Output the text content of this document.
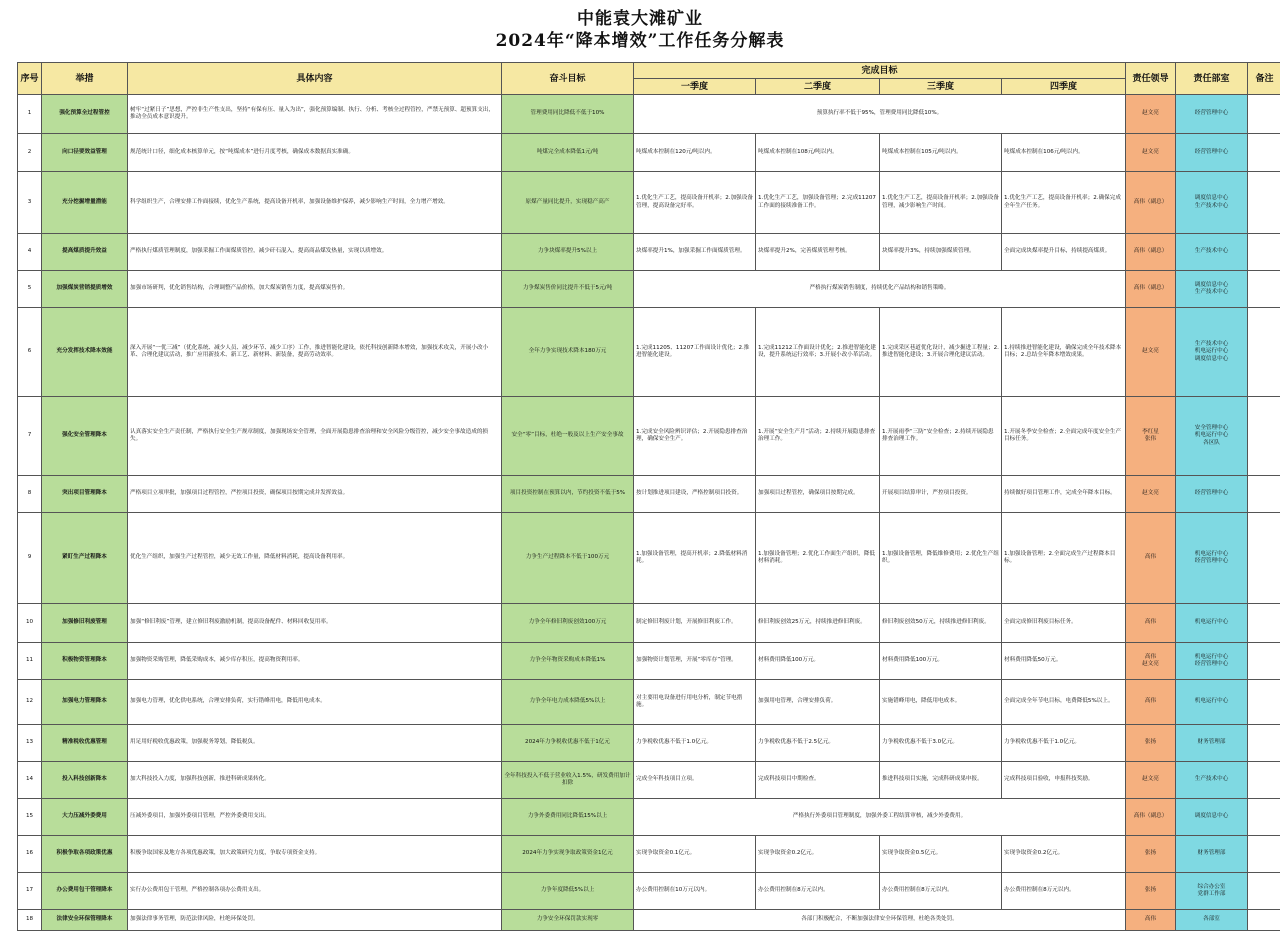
中能袁大滩矿业
2024年“降本增效”工作任务分解表
序号	举措	具体内容	奋斗目标	完成目标				责任领导	责任部室	备注
				一季度	二季度	三季度	四季度			
1	强化预算全过程管控	树牢“过紧日子”思想，严控非生产性支出，坚持“有保有压、量入为出”，强化预算编制、执行、分析、考核全过程管控，严禁无预算、超预算支出，推动全员成本意识提升。	管理费用同比降低不低于10%	预算执行率不低于95%，管理费用同比降低10%。				赵文亮	经营管理中心	
2	向口径要效益管理	规范统计口径，细化成本核算单元，按“吨煤成本”进行月度考核，确保成本数据真实准确。	吨煤完全成本降低1元/吨	吨煤成本控制在120元/吨以内。	吨煤成本控制在108元/吨以内。	吨煤成本控制在105元/吨以内。	吨煤成本控制在106元/吨以内。	赵文亮	经营管理中心	
3	充分挖掘增量潜能	科学组织生产，合理安排工作面接续，优化生产系统，提高设备开机率，加强设备维护保养，减少影响生产时间，全力增产增效。	原煤产量同比提升，实现稳产高产	1.优化生产工艺，提高设备开机率；2.加强设备管理，提高设备完好率。	1.优化生产工艺，加强设备管理；2.完成11207工作面的接续准备工作。	1.优化生产工艺，提高设备开机率；2.加强设备管理，减少影响生产时间。	1.优化生产工艺，提高设备开机率；2.确保完成全年生产任务。	高伟（副总）	调度信息中心
生产技术中心	
4	提高煤质提升效益	严格执行煤质管理制度，加强采掘工作面煤质管控，减少矸石混入，提高商品煤发热量，实现以质增效。	力争块煤率提升5%以上	块煤率提升1%，加强采掘工作面煤质管理。	块煤率提升2%，完善煤质管理考核。	块煤率提升3%，持续加强煤质管理。	全面完成块煤率提升目标，持续提高煤质。	高伟（副总）	生产技术中心	
5	加强煤炭营销提质增效	加强市场研判，优化销售结构，合理调整产品价格，加大煤炭销售力度，提高煤炭售价。	力争煤炭售价同比提升不低于5元/吨	严格执行煤炭销售制度，持续优化产品结构和销售策略。				高伟（副总）	调度信息中心
生产技术中心	
6	充分发挥技术降本效能	深入开展“一优三减”（优化系统、减少人员、减少环节、减少工序）工作，推进智能化建设，依托科技创新降本增效，加强技术攻关，开展小改小革、合理化建议活动，推广应用新技术、新工艺、新材料、新装备，提高劳动效率。	全年力争实现技术降本180万元	1.完成11205、11207工作面设计优化；2.推进智能化建设。	1.完成11212工作面设计优化；2.推进智能化建设，提升系统运行效率；3.开展小改小革活动。	1.完成采区巷道优化设计，减少掘进工程量；2.推进智能化建设；3.开展合理化建议活动。	1.持续推进智能化建设，确保完成全年技术降本目标；2.总结全年降本增效成果。	赵文亮	生产技术中心
机电运行中心
调度信息中心	
7	强化安全管理降本	认真落实安全生产责任制，严格执行安全生产规章制度，加强现场安全管理，全面开展隐患排查治理和安全风险分级管控，减少安全事故造成的损失。	安全“零”目标，杜绝一般及以上生产安全事故	1.完成安全风险辨识评估；2.开展隐患排查治理，确保安全生产。	1.开展“安全生产月”活动；2.持续开展隐患排查治理工作。	1.开展雨季“三防”安全检查；2.持续开展隐患排查治理工作。	1.开展冬季安全检查；2.全面完成年度安全生产目标任务。	李红星
张伟	安全管理中心
机电运行中心
各区队	
8	突出项目管理降本	严格项目立项审批，加强项目过程管控，严控项目投资，确保项目按期完成并发挥效益。	项目投资控制在预算以内，节约投资不低于5%	按计划推进项目建设，严格控制项目投资。	加强项目过程管控，确保项目按期完成。	开展项目结算审计，严控项目投资。	持续做好项目管理工作，完成全年降本目标。	赵文亮	经营管理中心	
9	紧盯生产过程降本	优化生产组织，加强生产过程管控，减少无效工作量，降低材料消耗，提高设备利用率。	力争生产过程降本不低于100万元	1.加强设备管理，提高开机率；2.降低材料消耗。	1.加强设备管理；2.优化工作面生产组织，降低材料消耗。	1.加强设备管理，降低维修费用；2.优化生产组织。	1.加强设备管理；2.全面完成生产过程降本目标。	高伟	机电运行中心
经营管理中心	
10	加强修旧利废管理	加强“修旧利废”管理，建立修旧利废激励机制，提高设备配件、材料回收复用率。	力争全年修旧利废创效100万元	制定修旧利废计划，开展修旧利废工作。	修旧利废创效25万元，持续推进修旧利废。	修旧利废创效50万元，持续推进修旧利废。	全面完成修旧利废目标任务。	高伟	机电运行中心	
11	积极物资管理降本	加强物资采购管理，降低采购成本，减少库存积压，提高物资利用率。	力争全年物资采购成本降低1%	加强物资计划管理，开展“零库存”管理。	材料费用降低100万元。	材料费用降低100万元。	材料费用降低50万元。	高伟
赵文亮	机电运行中心
经营管理中心	
12	加强电力管理降本	加强电力管理，优化供电系统，合理安排负荷，实行错峰用电，降低用电成本。	力争全年电力成本降低5%以上	对主要用电设备进行用电分析，制定节电措施。	加强用电管理，合理安排负荷。	实施错峰用电，降低用电成本。	全面完成全年节电目标，电费降低5%以上。	高伟	机电运行中心	
13	精准税收优惠管理	用足用好税收优惠政策，加强税务筹划，降低税负。	2024年力争税收优惠不低于1亿元	力争税收优惠不低于1.0亿元。	力争税收优惠不低于2.5亿元。	力争税收优惠不低于3.0亿元。	力争税收优惠不低于1.0亿元。	张扬	财务管理部	
14	投入科技创新降本	加大科技投入力度，加强科技创新，推进科研成果转化。	全年科技投入不低于营业收入1.5%，研发费用加计扣除	完成全年科技项目立项。	完成科技项目中期检查。	推进科技项目实施，完成科研成果申报。	完成科技项目验收，申报科技奖励。	赵文亮	生产技术中心	
15	大力压减外委费用	压减外委项目，加强外委项目管理，严控外委费用支出。	力争外委费用同比降低15%以上	严格执行外委项目管理制度，加强外委工程结算审核，减少外委费用。				高伟（副总）	调度信息中心	
16	积极争取各项政策优惠	积极争取国家及地方各项优惠政策，加大政策研究力度，争取专项资金支持。	2024年力争实现争取政策资金1亿元	实现争取资金0.1亿元。	实现争取资金0.2亿元。	实现争取资金0.5亿元。	实现争取资金0.2亿元。	张扬	财务管理部	
17	办公费用包干管理降本	实行办公费用包干管理，严格控制各项办公费用支出。	力争年度降低5%以上	办公费用控制在10万元以内。	办公费用控制在8万元以内。	办公费用控制在8万元以内。	办公费用控制在8万元以内。	张扬	综合办公室
党群工作部	
18	法律安全环保管理降本	加强法律事务管理，防范法律风险，杜绝环保处罚。	力争安全环保罚款实现零	各部门积极配合，不断加强法律安全环保管理，杜绝各类处罚。				高伟	各部室	
